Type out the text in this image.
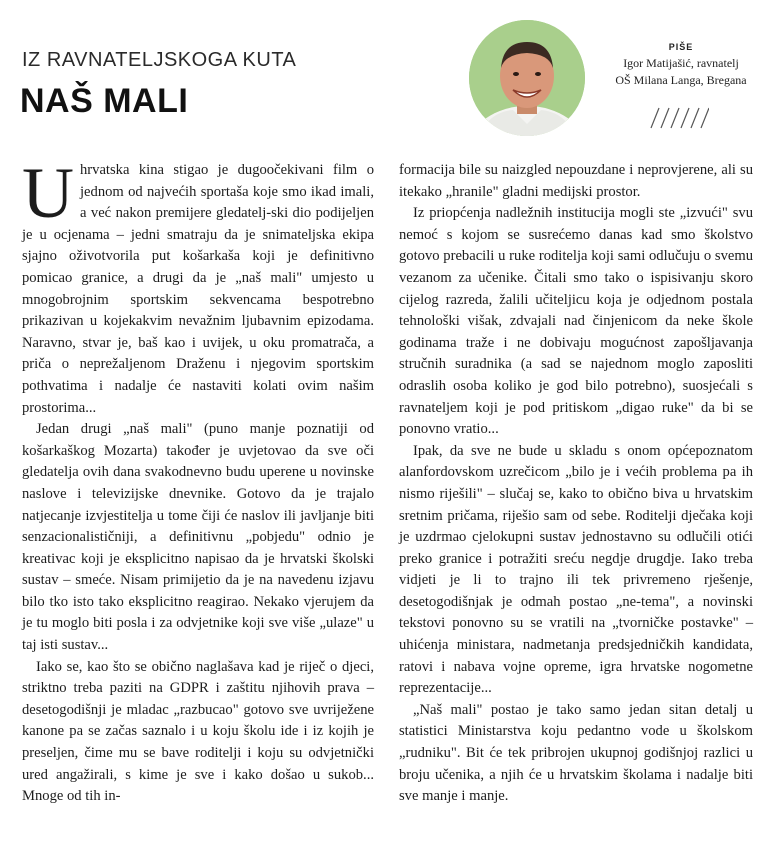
IZ RAVNATELJSKOGA KUTA
NAŠ MALI
PIŠE
Igor Matijašić, ravnatelj
OŠ Milana Langa, Bregana

U hrvatska kina stigao je dugoočekivani film o jednom od najvećih sportaša koje smo ikad imali, a već nakon premijere gledatelj-ski dio podijeljen je u ocjenama – jedni smatraju da je snimateljska ekipa sjajno oživotvorila put košarkaša koji je definitivno pomicao granice, a drugi da je „naš mali" umjesto u mnogobrojnim sportskim sekvencama bespotrebno prikazivan u kojekakvim nevažnim ljubavnim epizodama. Naravno, stvar je, baš kao i uvijek, u oku promatrača, a priča o neprežaljenom Draženu i njegovim sportskim pothvatima i nadalje će nastaviti kolati ovim našim prostorima...

Jedan drugi „naš mali" (puno manje poznatiji od košarkaškog Mozarta) također je uvjetovao da sve oči gledatelja ovih dana svakodnevno budu uperene u novinske naslove i televizijske dnevnike. Gotovo da je trajalo natjecanje izvjestitelja u tome čiji će naslov ili javljanje biti senzacionalističniji, a definitivnu „pobjedu" odnio je kreativac koji je eksplicitno napisao da je hrvatski školski sustav – smeće. Nisam primijetio da je na navedenu izjavu bilo tko isto tako eksplicitno reagirao. Nekako vjerujem da je tu moglo biti posla i za odvjetnike koji sve više „ulaze" u taj isti sustav...

Iako se, kao što se obično naglašava kad je riječ o djeci, striktno treba paziti na GDPR i zaštitu njihovih prava – desetogodišnji je mladac „razbucao" gotovo sve uvriježene kanone pa se začas saznalo i u koju školu ide i iz kojih je preseljen, čime mu se bave roditelji i koju su odvjetnički ured angažirali, s kime je sve i kako došao u sukob... Mnoge od tih in-

formacija bile su naizgled nepouzdane i neprovjerene, ali su itekako „hranile" gladni medijski prostor.

Iz priopćenja nadležnih institucija mogli ste „izvući" svu nemoć s kojom se susrećemo danas kad smo školstvo gotovo prebacili u ruke roditelja koji sami odlučuju o svemu vezanom za učenike. Čitali smo tako o ispisivanju skoro cijelog razreda, žalili učiteljicu koja je odjednom postala tehnološki višak, zdvajali nad činjenicom da neke škole godinama traže i ne dobivaju mogućnost zapošljavanja stručnih suradnika (a sad se najednom moglo zaposliti odraslih osoba koliko je god bilo potrebno), suosjećali s ravnateljem koji je pod pritiskom „digao ruke" da bi se ponovno vratio...

Ipak, da sve ne bude u skladu s onom općepoznatom alanfordovskom uzrečicom „bilo je i većih problema pa ih nismo riješili" – slučaj se, kako to obično biva u hrvatskim sretnim pričama, riješio sam od sebe. Roditelji dječaka koji je uzdrmao cjelokupni sustav jednostavno su odlučili otići preko granice i potražiti sreću negdje drugdje. Iako treba vidjeti je li to trajno ili tek privremeno rješenje, desetogodišnjak je odmah postao „ne-tema", a novinski tekstovi ponovno su se vratili na „tvorničke postavke" – uhićenja ministara, nadmetanja predsjedničkih kandidata, ratovi i nabava vojne opreme, igra hrvatske nogometne reprezentacije...

„Naš mali" postao je tako samo jedan sitan detalj u statistici Ministarstva koju pedantno vode u školskom „rudniku". Bit će tek pribrojen ukupnoj godišnjoj razlici u broju učenika, a njih će u hrvatskim školama i nadalje biti sve manje i manje.
